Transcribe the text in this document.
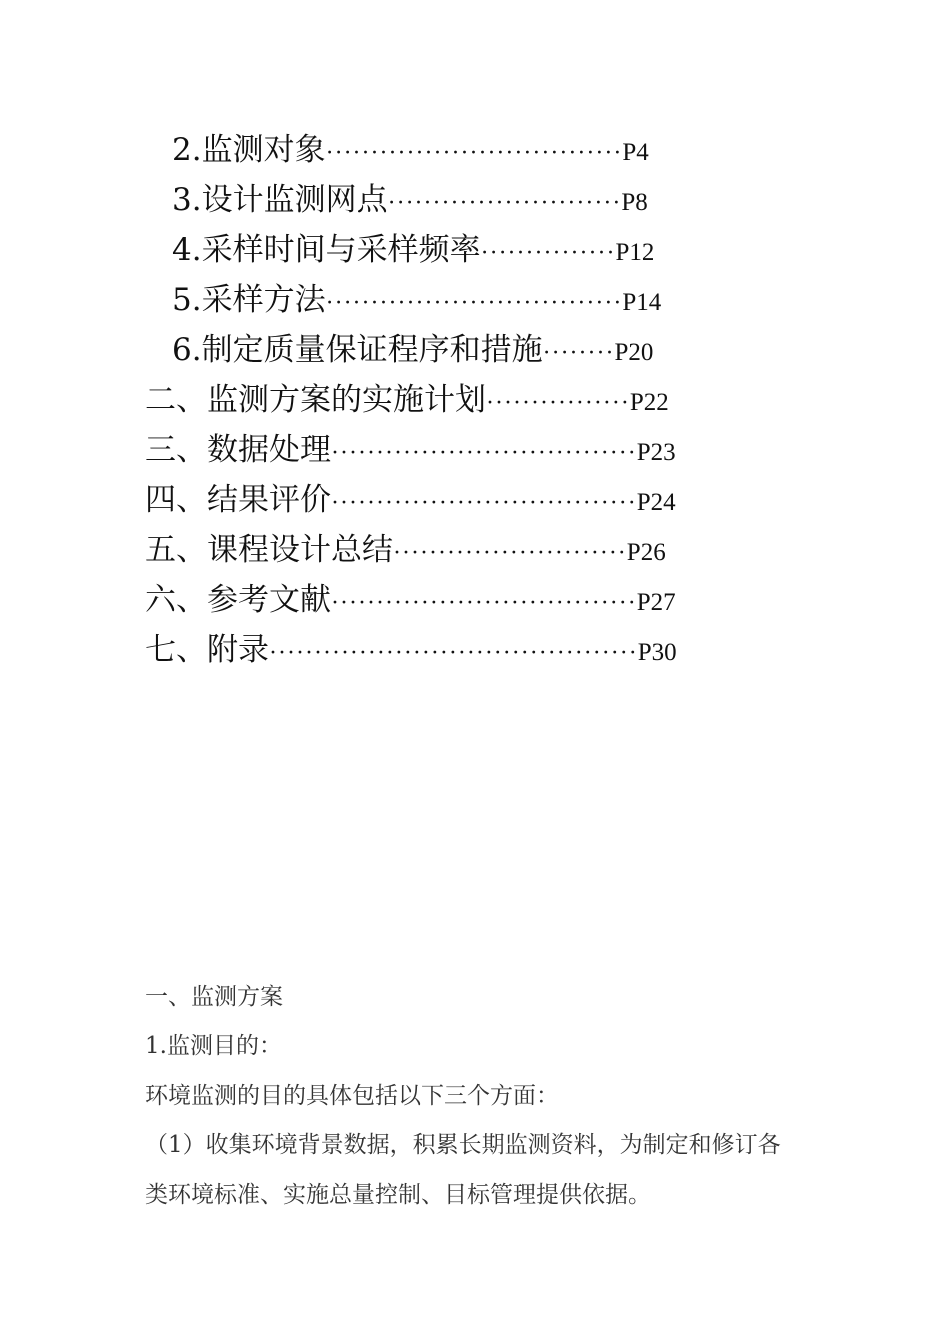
2.监测对象·································P4
3.设计监测网点··························P8
4.采样时间与采样频率···············P12
5.采样方法·································P14
6.制定质量保证程序和措施········P20
二、监测方案的实施计划················P22
三、数据处理··································P23
四、结果评价··································P24
五、课程设计总结··························P26
六、参考文献··································P27
七、附录·········································P30
一、监测方案
1.监测目的：
环境监测的目的具体包括以下三个方面：
（1）收集环境背景数据，积累长期监测资料，为制定和修订各
类环境标准、实施总量控制、目标管理提供依据。
